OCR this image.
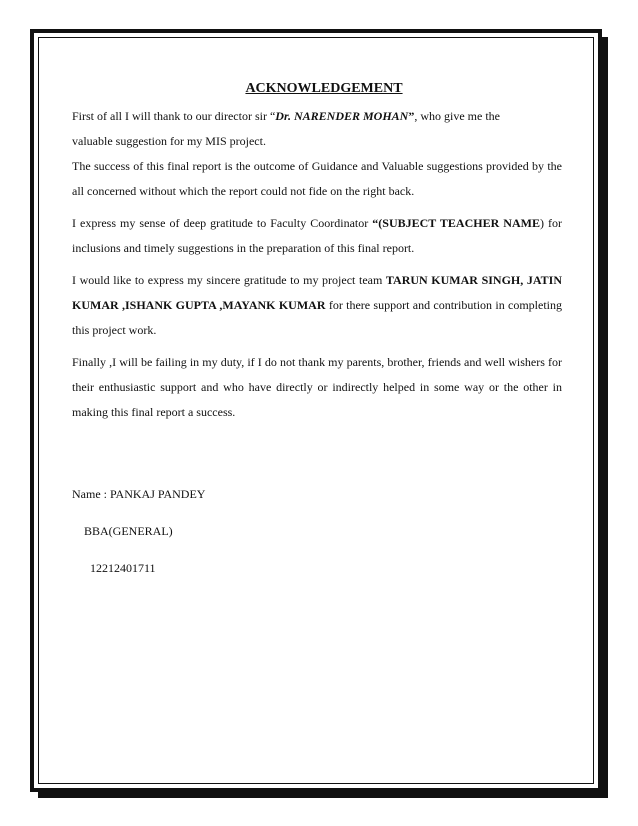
ACKNOWLEDGEMENT

First of all I will thank to our director sir “Dr. NARENDER MOHAN”, who give me the
valuable suggestion for my MIS project.

The success of this final report is the outcome of Guidance and Valuable suggestions provided by the all concerned without which the report could not fide on the right back.

I express my sense of deep gratitude to Faculty Coordinator “(SUBJECT TEACHER NAME) for inclusions and timely suggestions in the preparation of this final report.

I would like to express my sincere gratitude to my project team TARUN KUMAR SINGH, JATIN KUMAR ,ISHANK GUPTA ,MAYANK KUMAR for there support and contribution in completing this project work.

Finally ,I will be failing in my duty, if I do not thank my parents, brother, friends and well wishers for their enthusiastic support and who have directly or indirectly helped in some way or the other in making this final report a success.

Name : PANKAJ PANDEY
BBA(GENERAL)
12212401711
